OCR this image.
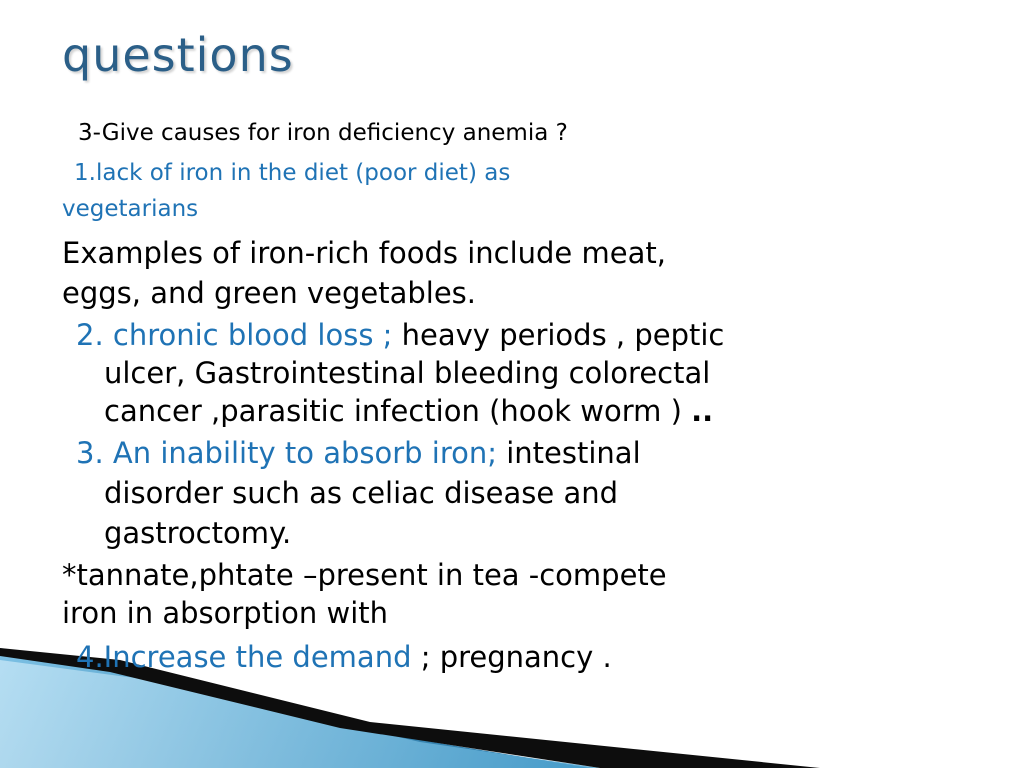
questions
3-Give causes for iron deficiency anemia ?
1.lack of iron in the diet (poor diet) as
vegetarians
Examples of iron-rich foods include meat,
eggs, and green vegetables.
2. chronic blood loss ; heavy periods , peptic
ulcer, Gastrointestinal bleeding colorectal
cancer ,parasitic infection (hook worm ) ..
3. An inability to absorb iron; intestinal
disorder such as celiac disease and
gastroctomy.
*tannate,phtate –present in tea -compete
iron in absorption with
4.Increase the demand ; pregnancy .
